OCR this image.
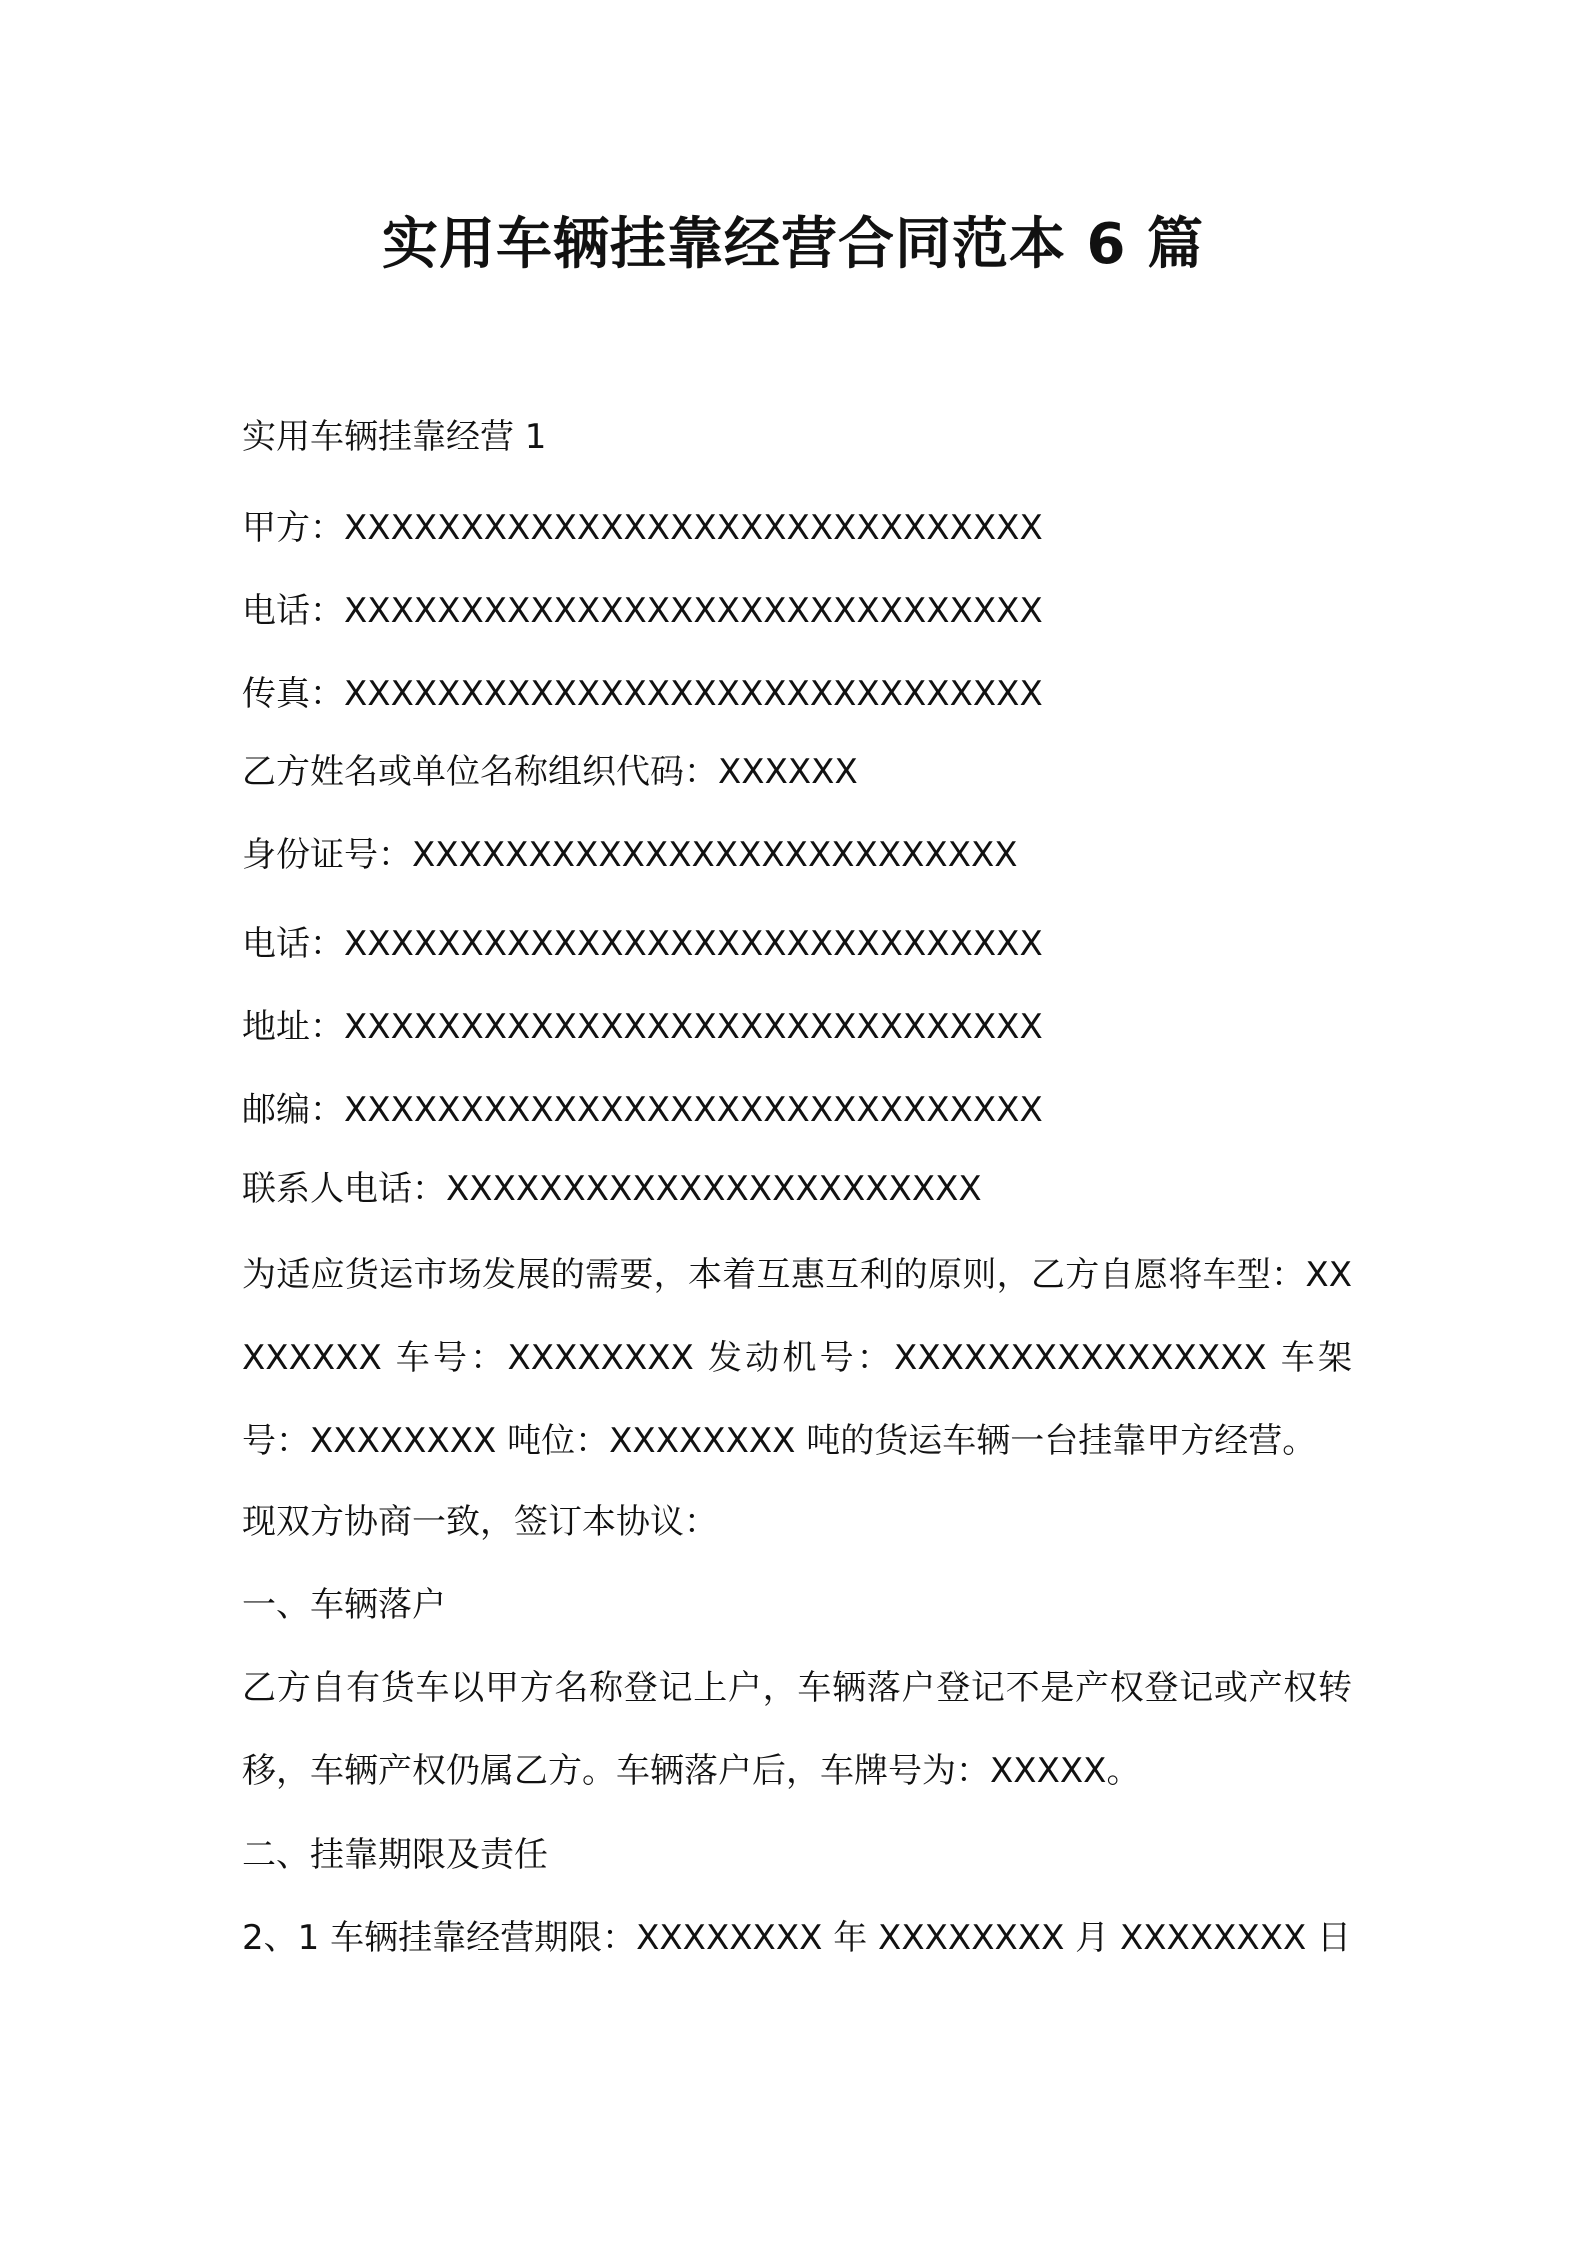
实用车辆挂靠经营合同范本 6 篇
实用车辆挂靠经营 1
甲方：XXXXXXXXXXXXXXXXXXXXXXXXXXXXXX
电话：XXXXXXXXXXXXXXXXXXXXXXXXXXXXXX
传真：XXXXXXXXXXXXXXXXXXXXXXXXXXXXXX
乙方姓名或单位名称组织代码：XXXXXX
身份证号：XXXXXXXXXXXXXXXXXXXXXXXXXX
电话：XXXXXXXXXXXXXXXXXXXXXXXXXXXXXX
地址：XXXXXXXXXXXXXXXXXXXXXXXXXXXXXX
邮编：XXXXXXXXXXXXXXXXXXXXXXXXXXXXXX
联系人电话：XXXXXXXXXXXXXXXXXXXXXXX
为适应货运市场发展的需要，本着互惠互利的原则，乙方自愿将车型：XXXXXXXX 车号：XXXXXXXX 发动机号：XXXXXXXXXXXXXXXX 车架号：XXXXXXXX 吨位：XXXXXXXX 吨的货运车辆一台挂靠甲方经营。
现双方协商一致，签订本协议：
一、车辆落户
乙方自有货车以甲方名称登记上户，车辆落户登记不是产权登记或产权转移，车辆产权仍属乙方。车辆落户后，车牌号为：XXXXX。
二、挂靠期限及责任
2、1 车辆挂靠经营期限：XXXXXXXX 年 XXXXXXXX 月 XXXXXXXX 日
